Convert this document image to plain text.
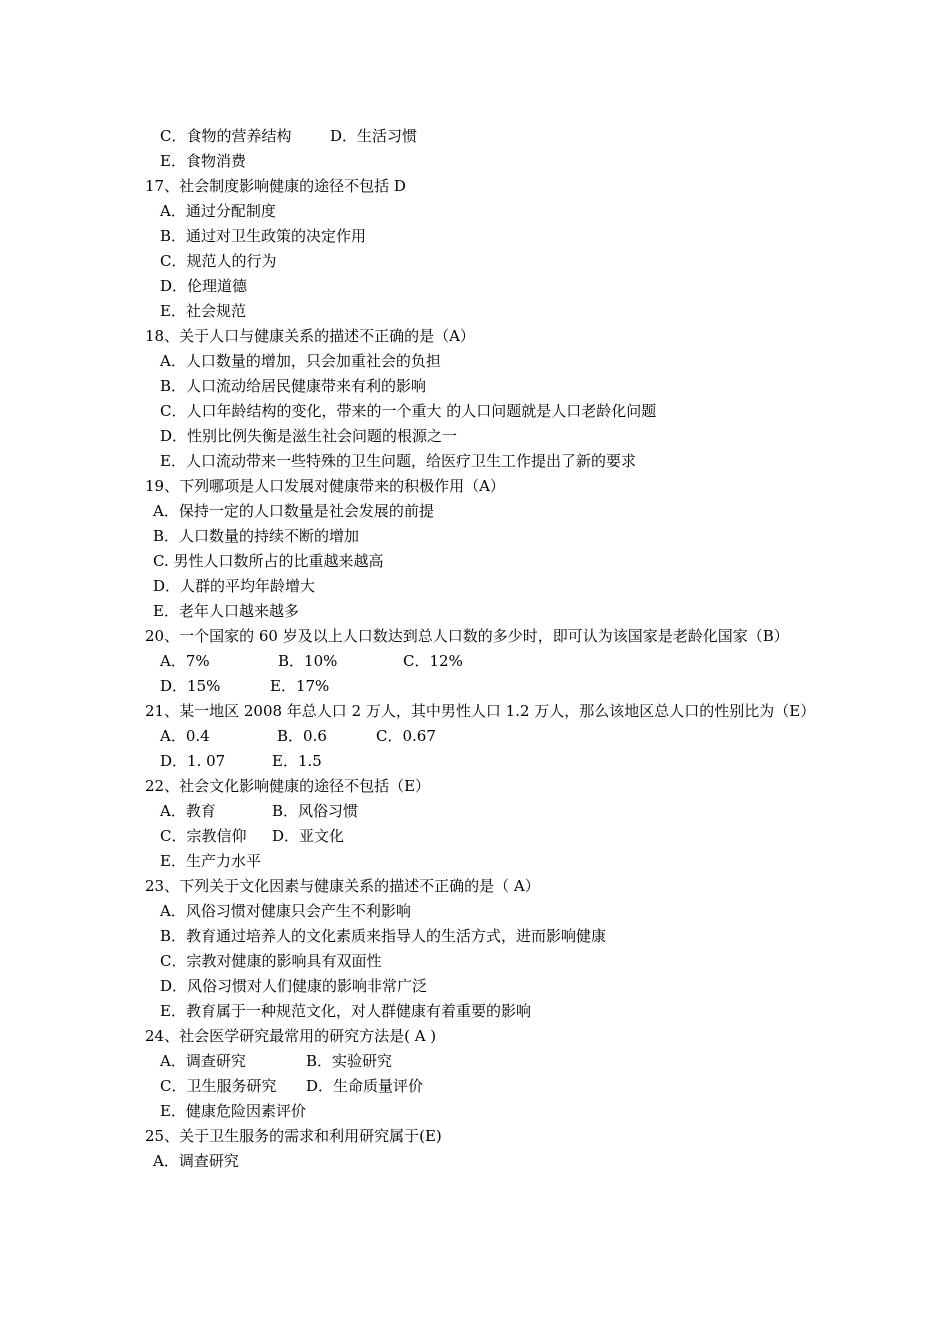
C．食物的营养结构	D．生活习惯
E．食物消费
17、社会制度影响健康的途径不包括 D
A．通过分配制度
B．通过对卫生政策的决定作用
C．规范人的行为
D．伦理道德
E．社会规范
18、关于人口与健康关系的描述不正确的是（A）
A．人口数量的增加，只会加重社会的负担
B．人口流动给居民健康带来有利的影响
C．人口年龄结构的变化，带来的一个重大 的人口问题就是人口老龄化问题
D．性别比例失衡是滋生社会问题的根源之一
E．人口流动带来一些特殊的卫生问题，给医疗卫生工作提出了新的要求
19、下列哪项是人口发展对健康带来的积极作用（A）
A．保持一定的人口数量是社会发展的前提
B．人口数量的持续不断的增加
C. 男性人口数所占的比重越来越高
D．人群的平均年龄增大
E．老年人口越来越多
20、一个国家的 60 岁及以上人口数达到总人口数的多少时，即可认为该国家是老龄化国家（B）
A．7%	B．10%	C．12%
D．15%	E．17%
21、某一地区 2008 年总人口 2 万人，其中男性人口 1.2 万人，那么该地区总人口的性别比为（E）
A．0.4	B．0.6	C．0.67
D．1. 07	E．1.5
22、社会文化影响健康的途径不包括（E）
A．教育	B．风俗习惯
C．宗教信仰 D．亚文化
E．生产力水平
23、下列关于文化因素与健康关系的描述不正确的是（ A）
A．风俗习惯对健康只会产生不利影响
B．教育通过培养人的文化素质来指导人的生活方式，进而影响健康
C．宗教对健康的影响具有双面性
D．风俗习惯对人们健康的影响非常广泛
E．教育属于一种规范文化，对人群健康有着重要的影响
24、社会医学研究最常用的研究方法是( A )
A．调查研究	B．实验研究
C．卫生服务研究 D．生命质量评价
E．健康危险因素评价
25、关于卫生服务的需求和利用研究属于(E)
A．调查研究
